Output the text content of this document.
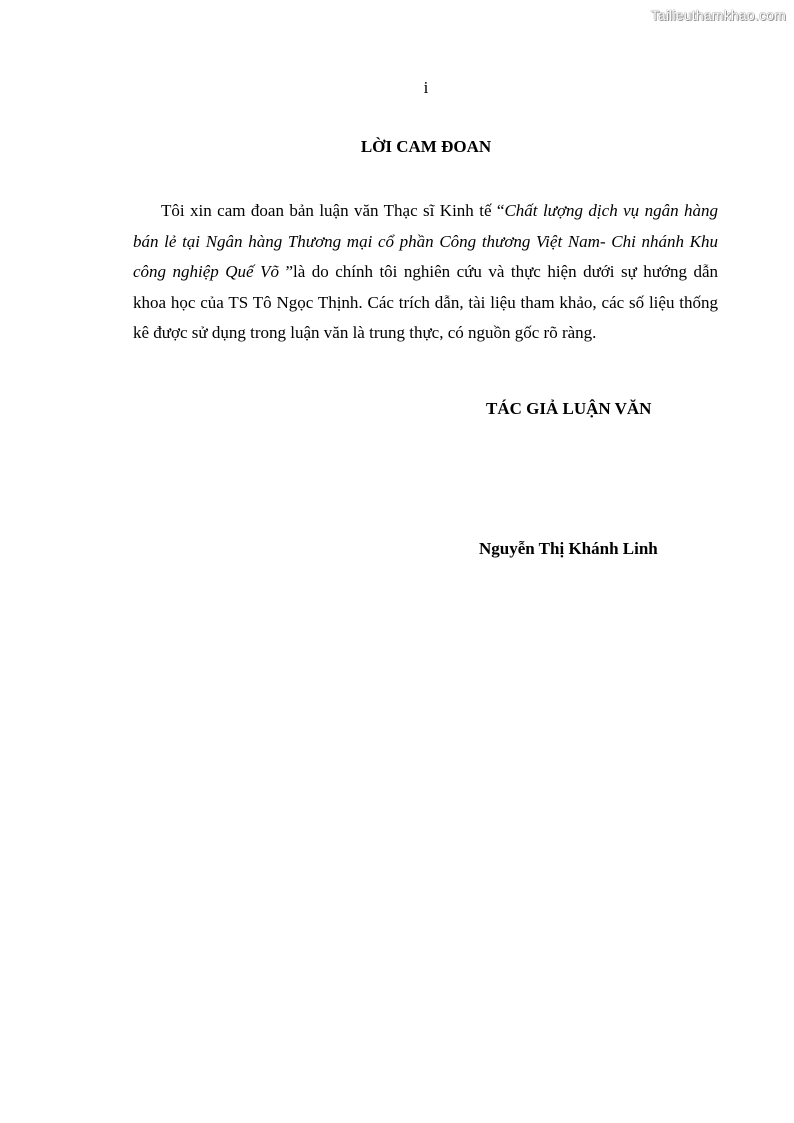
Tailieuthamkhao.com
i
LỜI CAM ĐOAN

Tôi xin cam đoan bản luận văn Thạc sĩ Kinh tế “Chất lượng dịch vụ ngân hàng bán lẻ tại Ngân hàng Thương mại cổ phần Công thương Việt Nam- Chi nhánh Khu công nghiệp Quế Võ ”là do chính tôi nghiên cứu và thực hiện dưới sự hướng dẫn khoa học của TS Tô Ngọc Thịnh. Các trích dẫn, tài liệu tham khảo, các số liệu thống kê được sử dụng trong luận văn là trung thực, có nguồn gốc rõ ràng.

TÁC GIẢ LUẬN VĂN
Nguyễn Thị Khánh Linh
